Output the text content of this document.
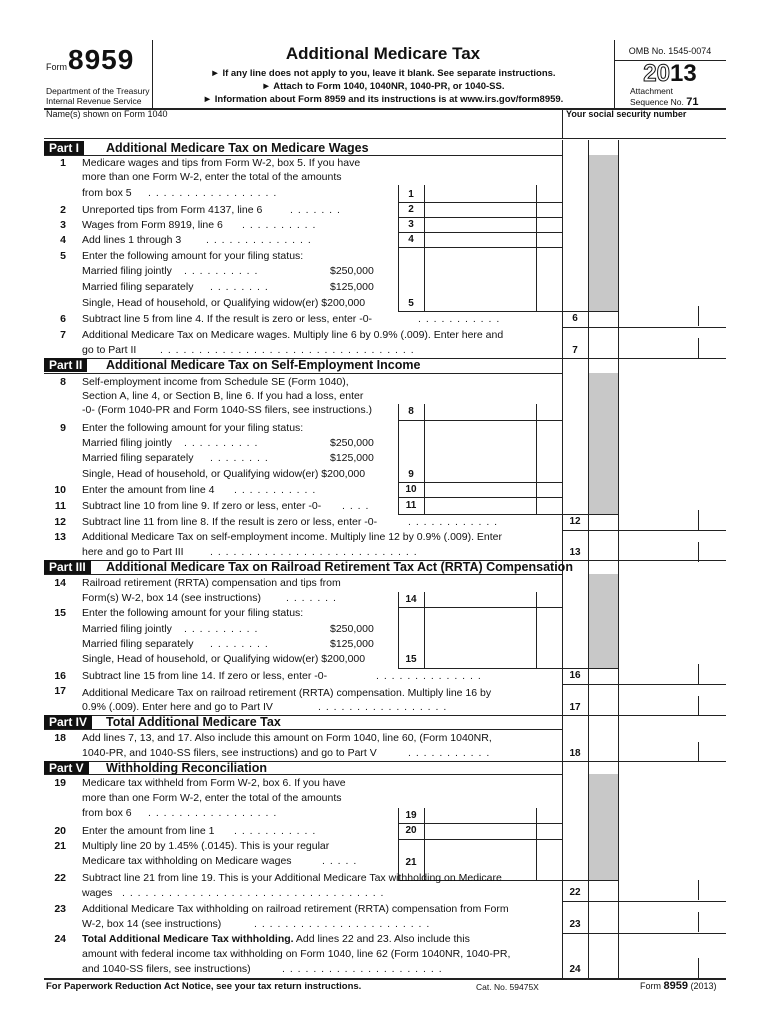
Form 8959
Department of the Treasury
Internal Revenue Service
Additional Medicare Tax
► If any line does not apply to you, leave it blank. See separate instructions.
► Attach to Form 1040, 1040NR, 1040-PR, or 1040-SS.
► Information about Form 8959 and its instructions is at www.irs.gov/form8959.
OMB No. 1545-0074
2013
Attachment
Sequence No. 71
Name(s) shown on Form 1040	Your social security number
Part I	Additional Medicare Tax on Medicare Wages
1 Medicare wages and tips from Form W-2, box 5. If you have
more than one Form W-2, enter the total of the amounts
from box 5 . . . . . . . . . . . . . . . . .	1
2 Unreported tips from Form 4137, line 6	. . . . . . .	2
3 Wages from Form 8919, line 6 . . . . . . . . . .	3
4 Add lines 1 through 3 . . . . . . . . . . . . . .	4
5 Enter the following amount for your filing status:
Married filing jointly . . . . . . . . . .	$250,000
Married filing separately . . . . . . . .	$125,000
Single, Head of household, or Qualifying widow(er) $200,000	5
6 Subtract line 5 from line 4. If the result is zero or less, enter -0-	. . . . . . . . . . .	6
7 Additional Medicare Tax on Medicare wages. Multiply line 6 by 0.9% (.009). Enter here and
go to Part II . . . . . . . . . . . . . . . . . . . . . . . . . . . . . . . . .	7
Part II	Additional Medicare Tax on Self-Employment Income
8 Self-employment income from Schedule SE (Form 1040),
Section A, line 4, or Section B, line 6. If you had a loss, enter
-0- (Form 1040-PR and Form 1040-SS filers, see instructions.)	8
9 Enter the following amount for your filing status:
Married filing jointly . . . . . . . . . .	$250,000
Married filing separately . . . . . . . .	$125,000
Single, Head of household, or Qualifying widow(er) $200,000	9
10 Enter the amount from line 4 . . . . . . . . . . .	10
11 Subtract line 10 from line 9. If zero or less, enter -0- . . . .	11
12 Subtract line 11 from line 8. If the result is zero or less, enter -0-	. . . . . . . . . . . .	12
13 Additional Medicare Tax on self-employment income. Multiply line 12 by 0.9% (.009). Enter
here and go to Part III	. . . . . . . . . . . . . . . . . . . . . . . . . . .	13
Part III	Additional Medicare Tax on Railroad Retirement Tax Act (RRTA) Compensation
14 Railroad retirement (RRTA) compensation and tips from
Form(s) W-2, box 14 (see instructions) . . . . . . .	14
15 Enter the following amount for your filing status:
Married filing jointly . . . . . . . . . .	$250,000
Married filing separately . . . . . . . .	$125,000
Single, Head of household, or Qualifying widow(er) $200,000	15
16 Subtract line 15 from line 14. If zero or less, enter -0-	. . . . . . . . . . . . . .	16
17 Additional Medicare Tax on railroad retirement (RRTA) compensation. Multiply line 16 by
0.9% (.009). Enter here and go to Part IV	. . . . . . . . . . . . . . . . .	17
Part IV	Total Additional Medicare Tax
18 Add lines 7, 13, and 17. Also include this amount on Form 1040, line 60, (Form 1040NR,
1040-PR, and 1040-SS filers, see instructions) and go to Part V	. . . . . . . . . . .	18
Part V	Withholding Reconciliation
19 Medicare tax withheld from Form W-2, box 6. If you have
more than one Form W-2, enter the total of the amounts
from box 6 . . . . . . . . . . . . . . . . .	19
20 Enter the amount from line 1 . . . . . . . . . . .	20
21 Multiply line 20 by 1.45% (.0145). This is your regular
Medicare tax withholding on Medicare wages	. . . . .	21
22 Subtract line 21 from line 19. This is your Additional Medicare Tax withholding on Medicare
wages . . . . . . . . . . . . . . . . . . . . . . . . . . . . . . . . . .	22
23 Additional Medicare Tax withholding on railroad retirement (RRTA) compensation from Form
W-2, box 14 (see instructions)	. . . . . . . . . . . . . . . . . . . . . . .	23
24 Total Additional Medicare Tax withholding. Add lines 22 and 23. Also include this
amount with federal income tax withholding on Form 1040, line 62 (Form 1040NR, 1040-PR,
and 1040-SS filers, see instructions)	. . . . . . . . . . . . . . . . . . . . .	24
For Paperwork Reduction Act Notice, see your tax return instructions.	Cat. No. 59475X	Form 8959 (2013)
